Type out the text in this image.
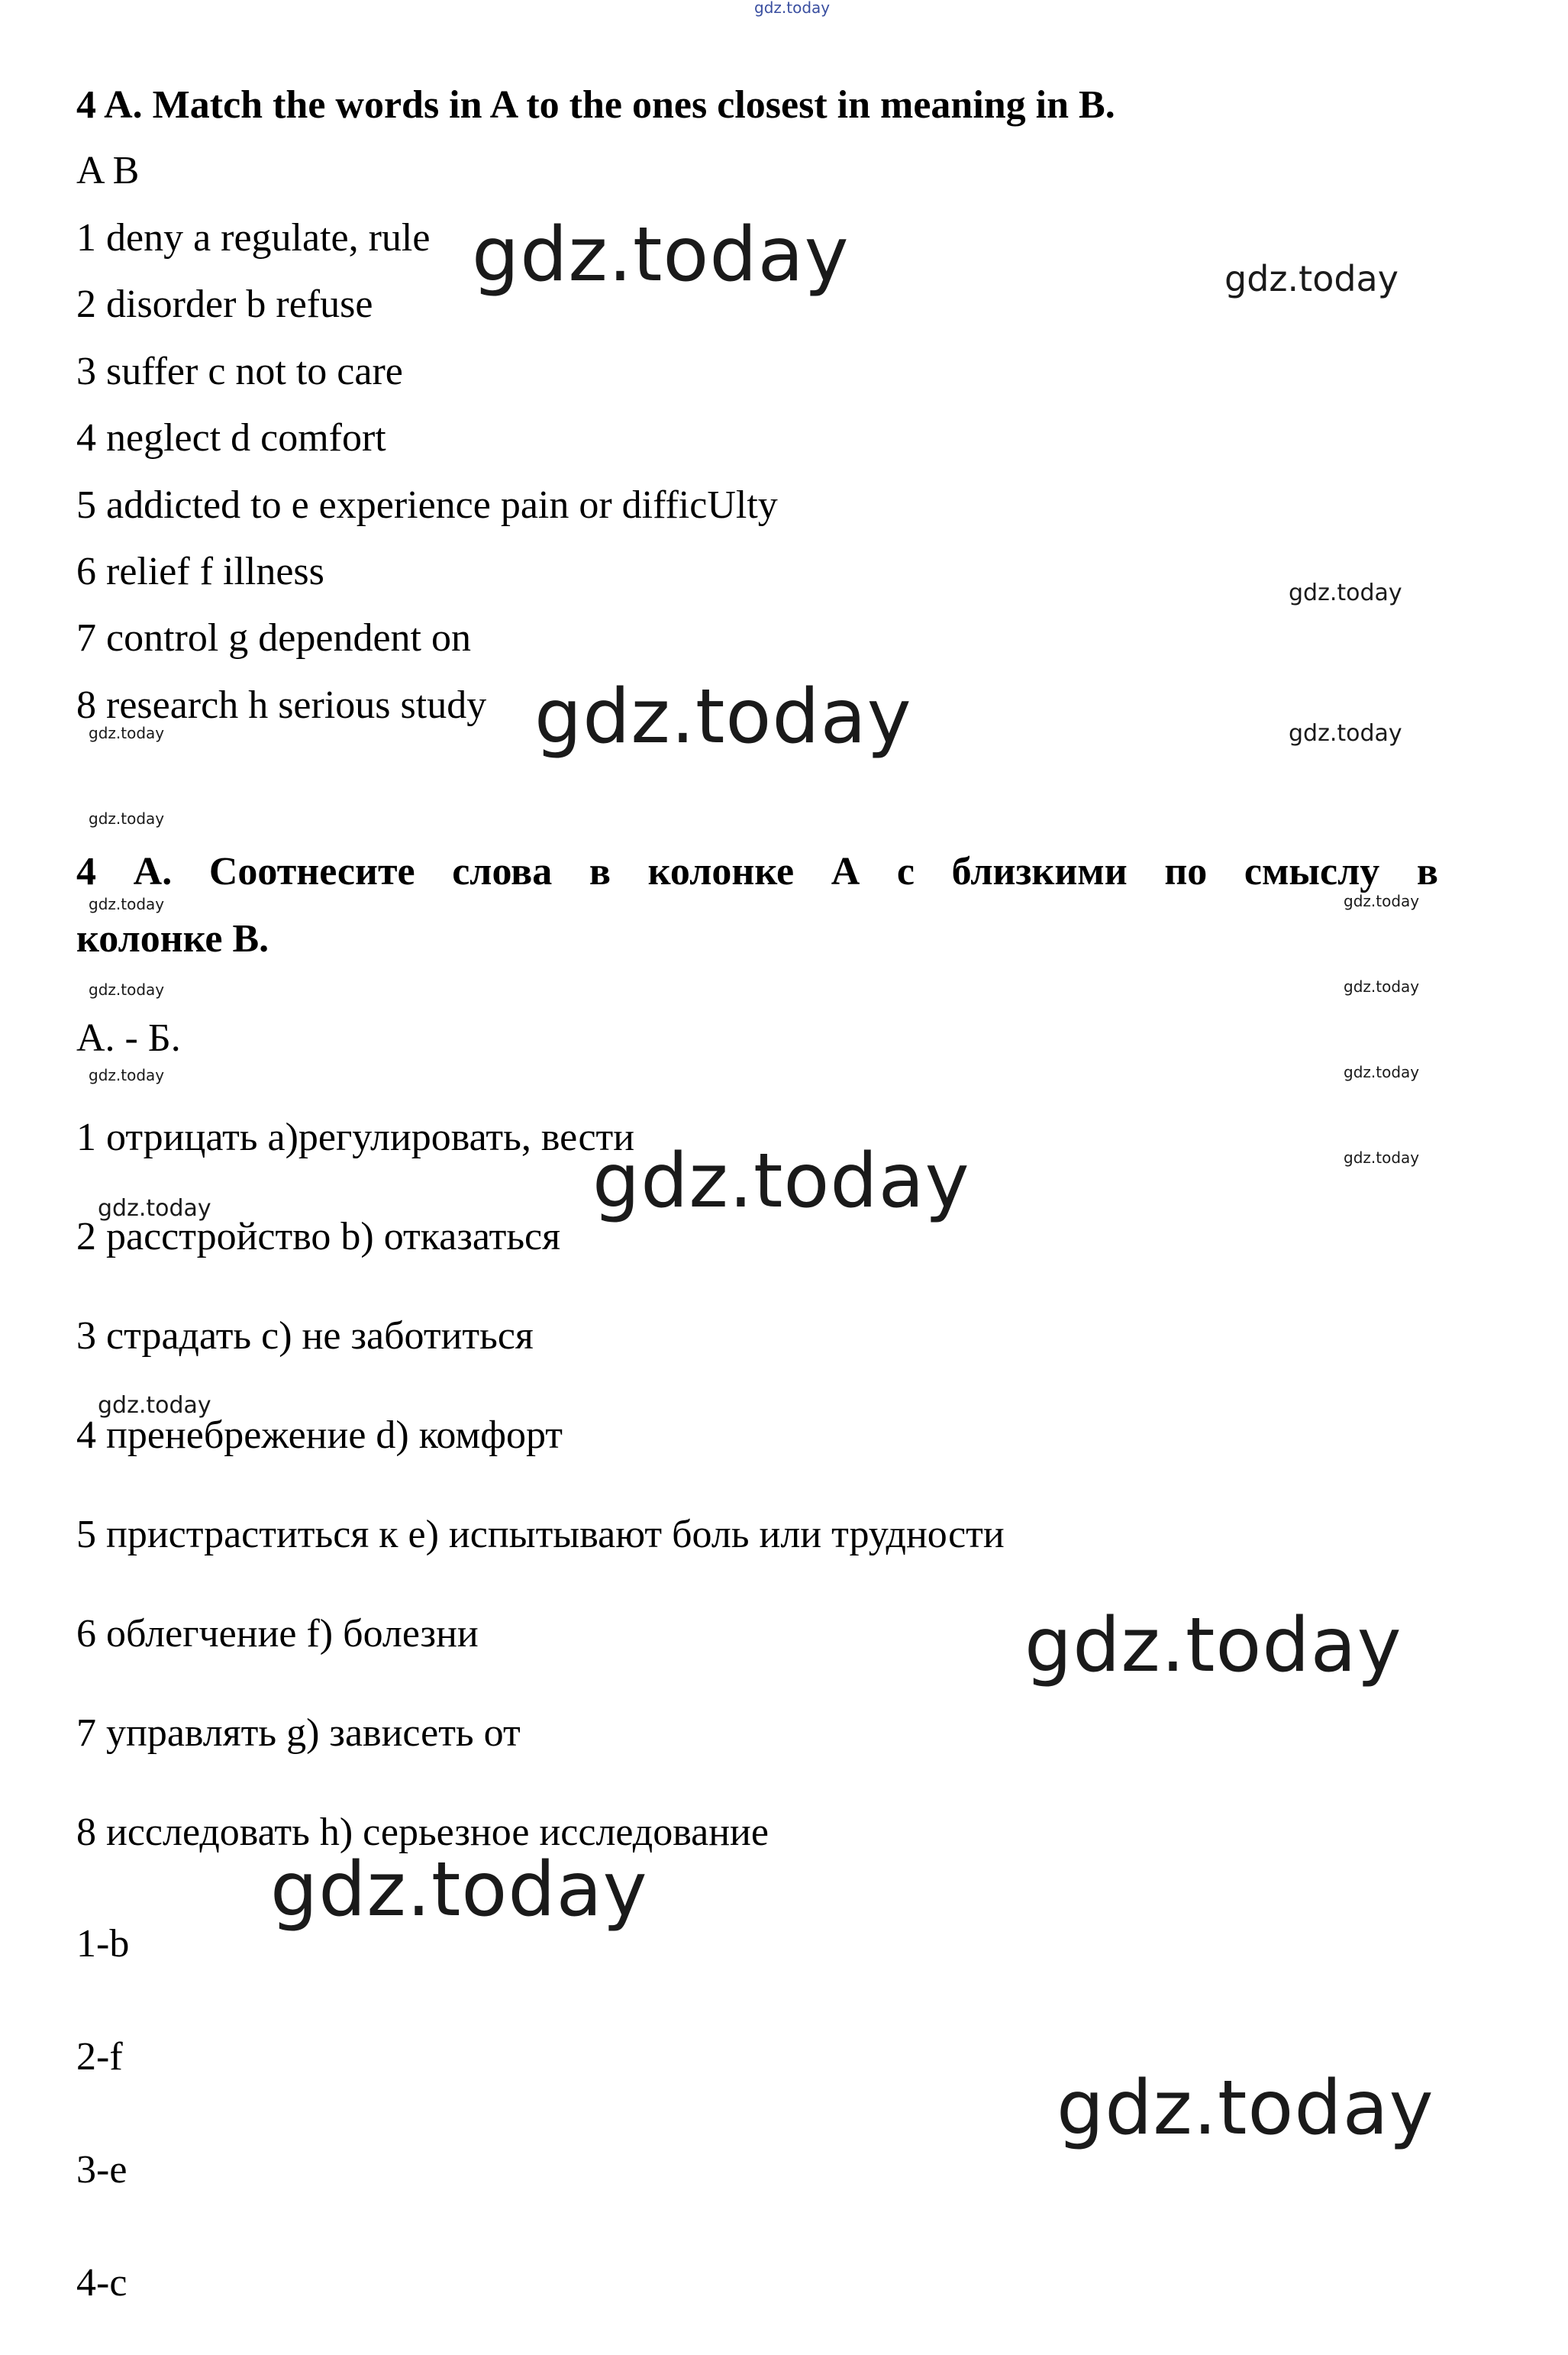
gdz.today
4 A. Match the words in A to the ones closest in meaning in B.
A B
1 deny a regulate, rule
2 disorder b refuse
3 suffer c not to care
4 neglect d comfort
5 addicted to e experience pain or difficUlty
6 relief f illness
7 control g dependent on
8 research h serious study
4 А. Соотнесите слова в колонке А с близкими по смыслу в
колонке В.
А. - Б.
1 отрицать а)регулировать, вести
2 расстройство b) отказаться
3 страдать c) не заботиться
4 пренебрежение d) комфорт
5 пристраститься к e) испытывают боль или трудности
6 облегчение f) болезни
7 управлять g) зависеть от
8 исследовать h) серьезное исследование
1-b
2-f
3-e
4-c
gdz.today
gdz.today
gdz.today
gdz.today
gdz.today
gdz.today
gdz.today
gdz.today
gdz.today
gdz.today
gdz.today
gdz.today
gdz.today
gdz.today	gdz.today
gdz.today	gdz.today
gdz.today	gdz.today
gdz.today
